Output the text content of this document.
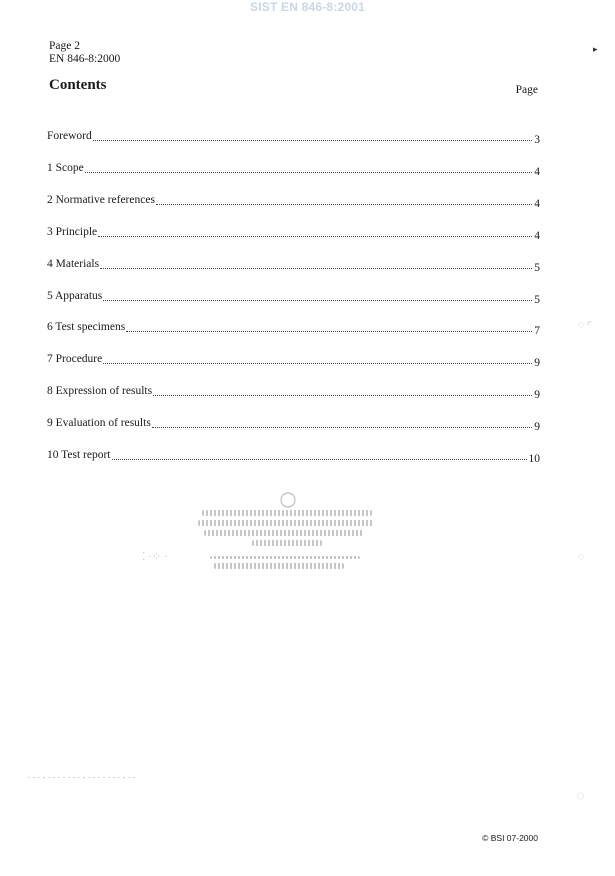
SIST EN 846-8:2001
Page 2
EN 846-8:2000
Contents	Page
Foreword	3
1 Scope	4
2 Normative references	4
3 Principle	4
4 Materials	5
5 Apparatus	5
6 Test specimens	7
7 Procedure	9
8 Expression of results	9
9 Evaluation of results	9
10 Test report	10
⁚ ·⁘ ·
◌ ◜
◌
◌
▸
© BSI 07-2000
